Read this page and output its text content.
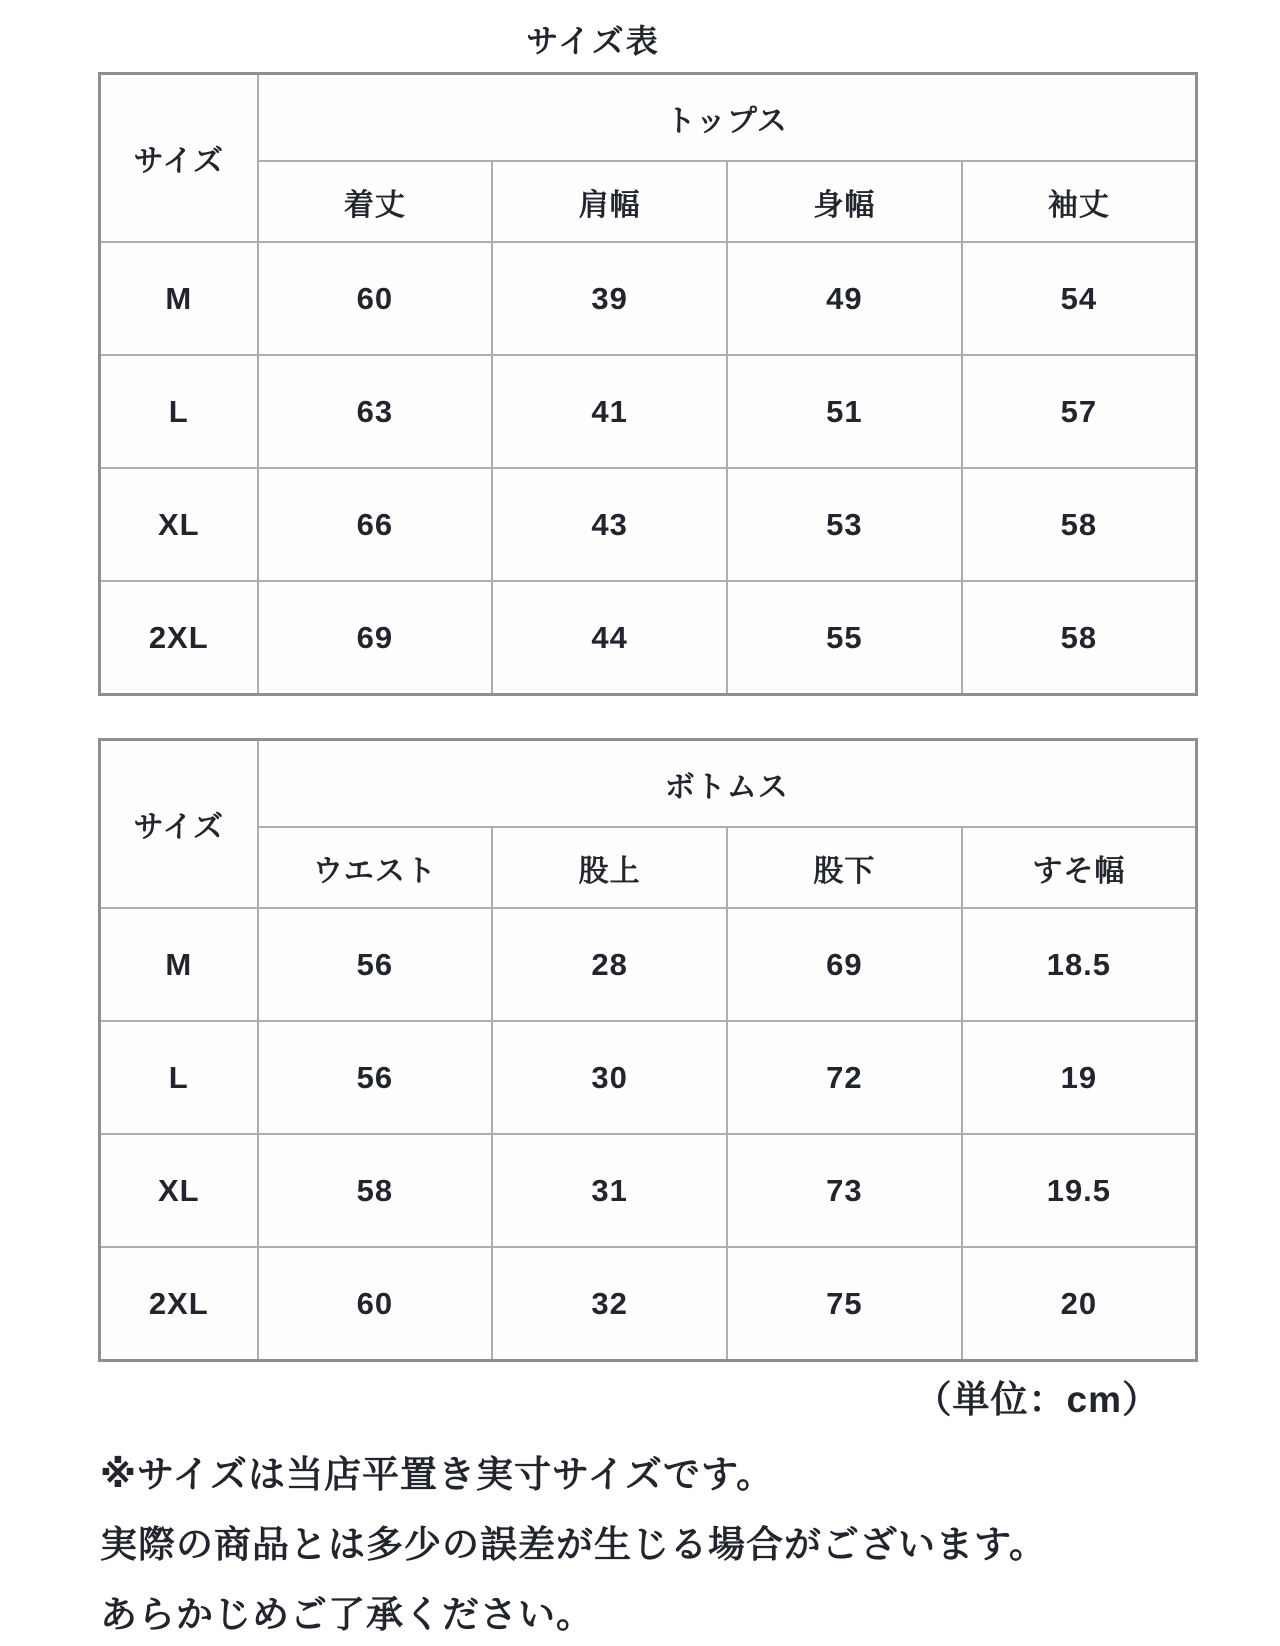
サイズ表
サイズ	トップス			
	着丈	肩幅	身幅	袖丈
M	60	39	49	54
L	63	41	51	57
XL	66	43	53	58
2XL	69	44	55	58
サイズ	ボトムス			
	ウエスト	股上	股下	すそ幅
M	56	28	69	18.5
L	56	30	72	19
XL	58	31	73	19.5
2XL	60	32	75	20
（単位：cm）

※サイズは当店平置き実寸サイズです。

実際の商品とは多少の誤差が生じる場合がございます。

あらかじめご了承ください。
